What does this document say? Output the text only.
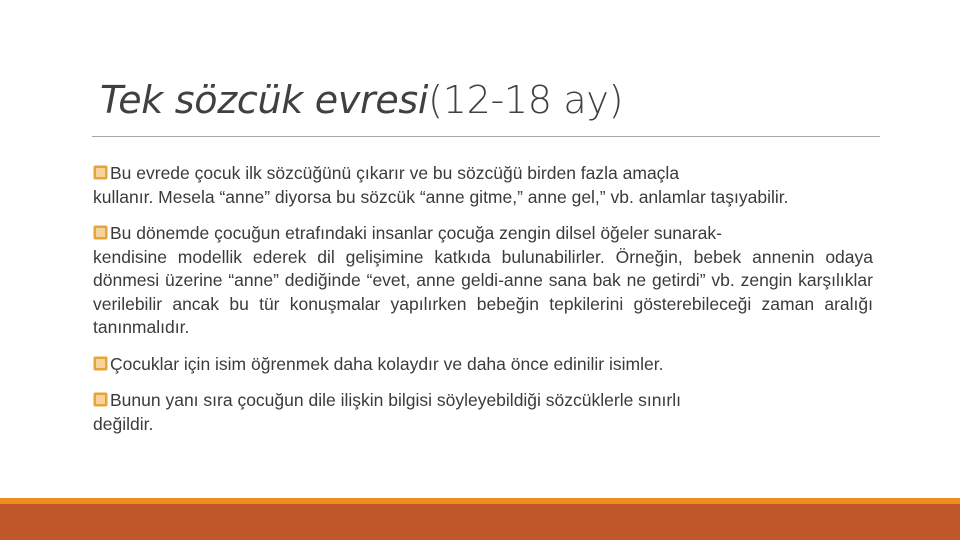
Tek sözcük evresi(12-18 ay)
Bu evrede çocuk ilk sözcüğünü çıkarır ve bu sözcüğü birden fazla amaçla
kullanır. Mesela “anne” diyorsa bu sözcük “anne gitme,” anne gel,” vb. anlamlar taşıyabilir.
Bu dönemde çocuğun etrafındaki insanlar çocuğa zengin dilsel öğeler sunarak-
kendisine modellik ederek dil gelişimine katkıda bulunabilirler. Örneğin, bebek annenin odaya dönmesi üzerine “anne” dediğinde “evet, anne geldi-anne sana bak ne getirdi” vb. zengin karşılıklar verilebilir ancak bu tür konuşmalar yapılırken bebeğin tepkilerini gösterebileceği zaman aralığı tanınmalıdır.
Çocuklar için isim öğrenmek daha kolaydır ve daha önce edinilir isimler.
Bunun yanı sıra çocuğun dile ilişkin bilgisi söyleyebildiği sözcüklerle sınırlı
değildir.
